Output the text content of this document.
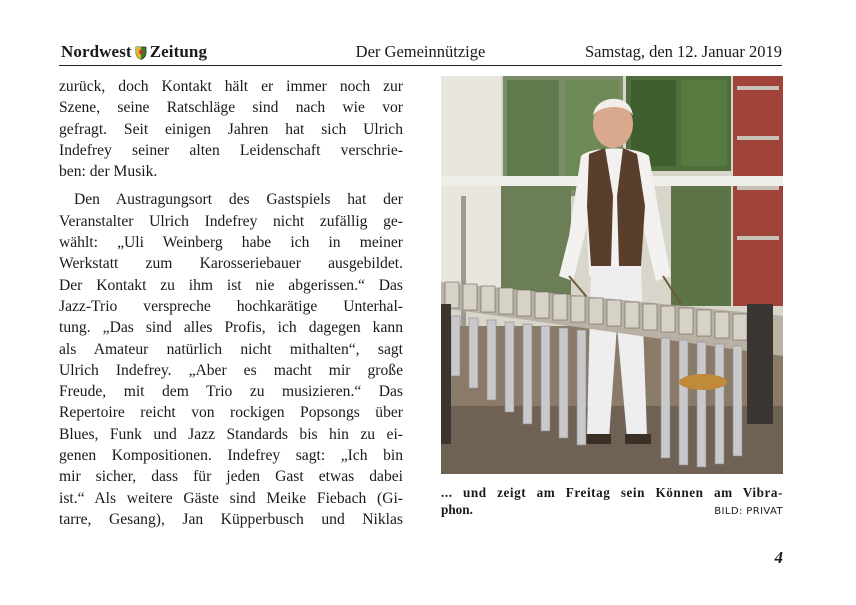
Nordwest Zeitung	Der Gemeinnützige	Samstag, den 12. Januar 2019

zurück, doch Kontakt hält er immer noch zur
Szene, seine Ratschläge sind nach wie vor
gefragt. Seit einigen Jahren hat sich Ulrich
Indefrey seiner alten Leidenschaft verschrie-
ben: der Musik.

Den Austragungsort des Gastspiels hat der
Veranstalter Ulrich Indefrey nicht zufällig ge-
wählt: „Uli Weinberg habe ich in meiner
Werkstatt zum Karosseriebauer ausgebildet.
Der Kontakt zu ihm ist nie abgerissen.“ Das
Jazz-Trio verspreche hochkarätige Unterhal-
tung. „Das sind alles Profis, ich dagegen kann
als Amateur natürlich nicht mithalten“, sagt
Ulrich Indefrey. „Aber es macht mir große
Freude, mit dem Trio zu musizieren.“ Das
Repertoire reicht von rockigen Popsongs über
Blues, Funk und Jazz Standards bis hin zu ei-
genen Kompositionen. Indefrey sagt: „Ich bin
mir sicher, dass für jeden Gast etwas dabei
ist.“ Als weitere Gäste sind Meike Fiebach (Gi-
tarre, Gesang), Jan Küpperbusch und Niklas

... und zeigt am Freitag sein Können am Vibra-
phon.	BILD: PRIVAT
4
